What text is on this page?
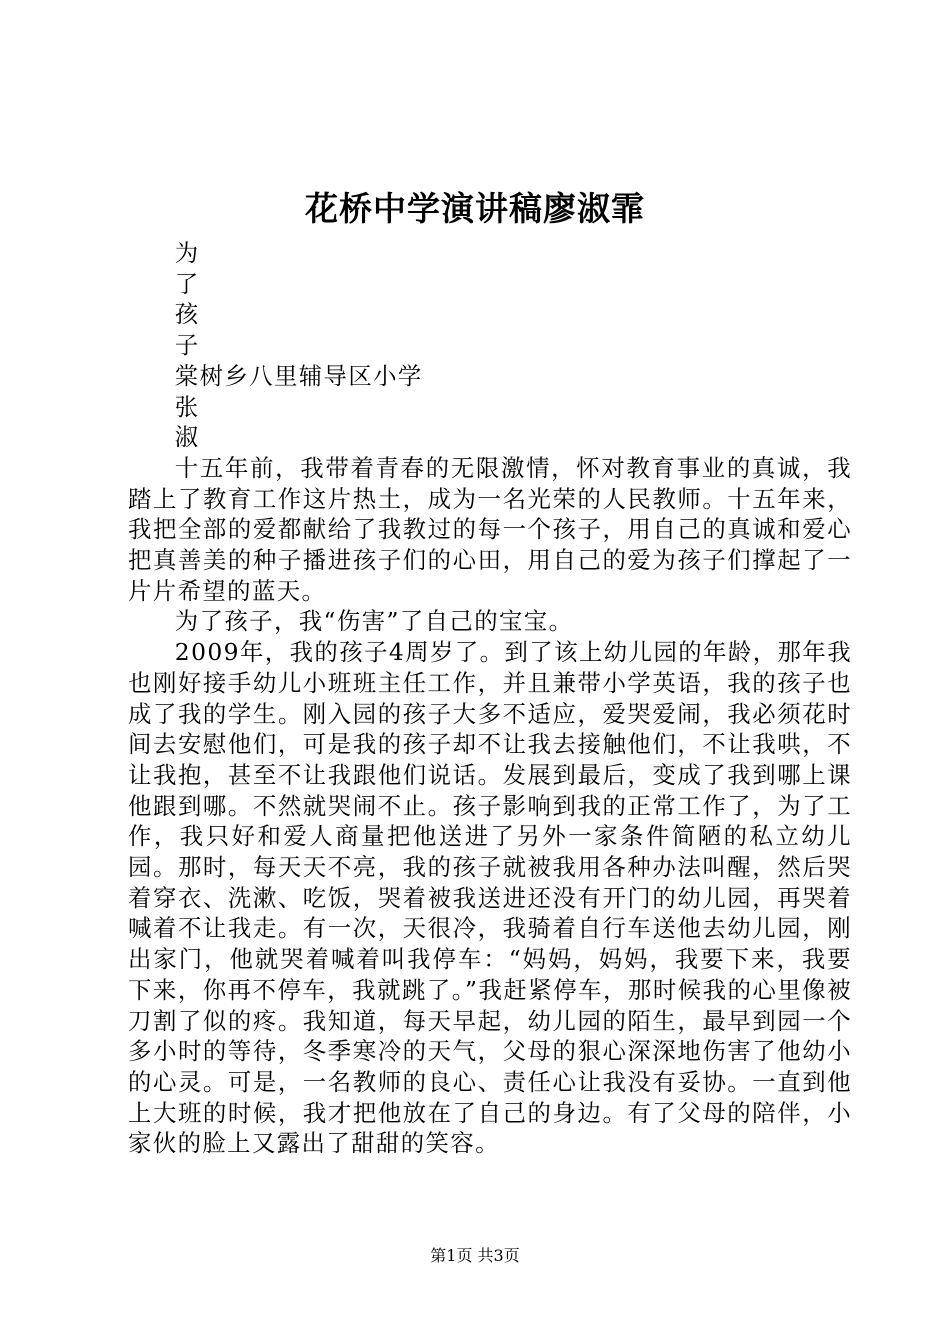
花桥中学演讲稿廖淑霏

为

了

孩

子

棠树乡八里辅导区小学

张

淑

十五年前，我带着青春的无限激情，怀对教育事业的真诚，我踏上了教育工作这片热土，成为一名光荣的人民教师。十五年来，我把全部的爱都献给了我教过的每一个孩子，用自己的真诚和爱心把真善美的种子播进孩子们的心田，用自己的爱为孩子们撑起了一片片希望的蓝天。

为了孩子，我“伤害”了自己的宝宝。

2009年，我的孩子4周岁了。到了该上幼儿园的年龄，那年我也刚好接手幼儿小班班主任工作，并且兼带小学英语，我的孩子也成了我的学生。刚入园的孩子大多不适应，爱哭爱闹，我必须花时间去安慰他们，可是我的孩子却不让我去接触他们，不让我哄，不让我抱，甚至不让我跟他们说话。发展到最后，变成了我到哪上课他跟到哪。不然就哭闹不止。孩子影响到我的正常工作了，为了工作，我只好和爱人商量把他送进了另外一家条件简陋的私立幼儿园。那时，每天天不亮，我的孩子就被我用各种办法叫醒，然后哭着穿衣、洗漱、吃饭，哭着被我送进还没有开门的幼儿园，再哭着喊着不让我走。有一次，天很冷，我骑着自行车送他去幼儿园，刚出家门，他就哭着喊着叫我停车：“妈妈，妈妈，我要下来，我要下来，你再不停车，我就跳了。”我赶紧停车，那时候我的心里像被刀割了似的疼。我知道，每天早起，幼儿园的陌生，最早到园一个多小时的等待，冬季寒冷的天气，父母的狠心深深地伤害了他幼小的心灵。可是，一名教师的良心、责任心让我没有妥协。一直到他上大班的时候，我才把他放在了自己的身边。有了父母的陪伴，小家伙的脸上又露出了甜甜的笑容。

第1页 共3页
